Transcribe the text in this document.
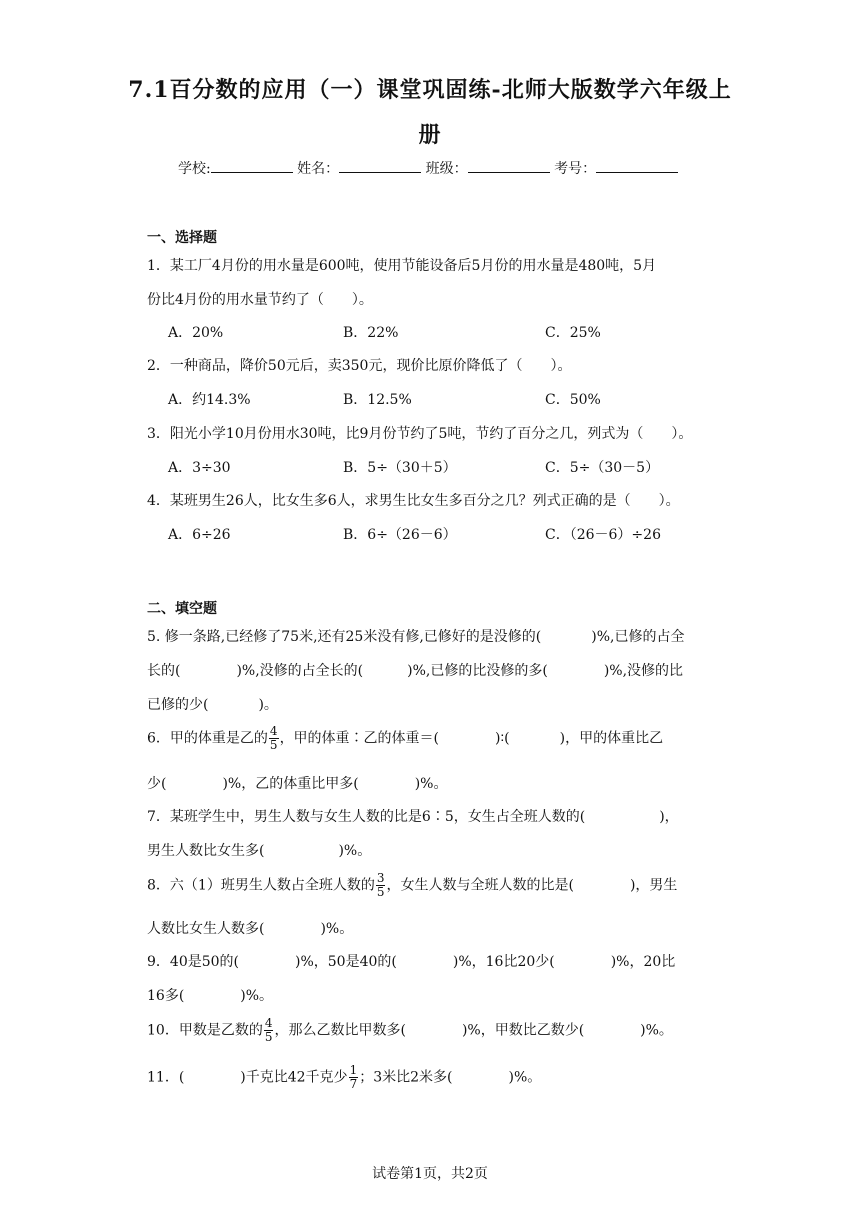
7.1百分数的应用（一）课堂巩固练-北师大版数学六年级上
册
学校:	姓名：	班级：	考号：
一、选择题
1．某工厂4月份的用水量是600吨，使用节能设备后5月份的用水量是480吨，5月
份比4月份的用水量节约了（　　）。
A．20%	B．22%	C．25%
2．一种商品，降价50元后，卖350元，现价比原价降低了（　　）。
A．约14.3%	B．12.5%	C．50%
3．阳光小学10月份用水30吨，比9月份节约了5吨，节约了百分之几，列式为（　　）。
A．3÷30	B．5÷（30＋5）	C．5÷（30－5）
4．某班男生26人，比女生多6人，求男生比女生多百分之几？列式正确的是（　　）。
A．6÷26	B．6÷（26－6）	C．（26－6）÷26
二、填空题
5. 修一条路,已经修了75米,还有25米没有修,已修好的是没修的(	)%,已修的占全
长的(	)%,没修的占全长的(	)%,已修的比没修的多(	)%,没修的比
已修的少(	)。
6．甲的体重是乙的 $\frac{4}{5}$ ，甲的体重∶乙的体重＝(	)∶(	)，甲的体重比乙
少(	)%，乙的体重比甲多(	)%。
7．某班学生中，男生人数与女生人数的比是6∶5，女生占全班人数的(	)，
男生人数比女生多(	)%。
8．六（1）班男生人数占全班人数的 $\frac{3}{5}$ ，女生人数与全班人数的比是(	)，男生
人数比女生人数多(	)%。
9．40是50的(	)%，50是40的(	)%，16比20少(	)%，20比
16多(	)%。
10．甲数是乙数的 $\frac{4}{5}$ ，那么乙数比甲数多(	)%，甲数比乙数少(	)%。
11．(	)千克比42千克少 $\frac{1}{7}$ ；3米比2米多(	)%。
试卷第1页，共2页
